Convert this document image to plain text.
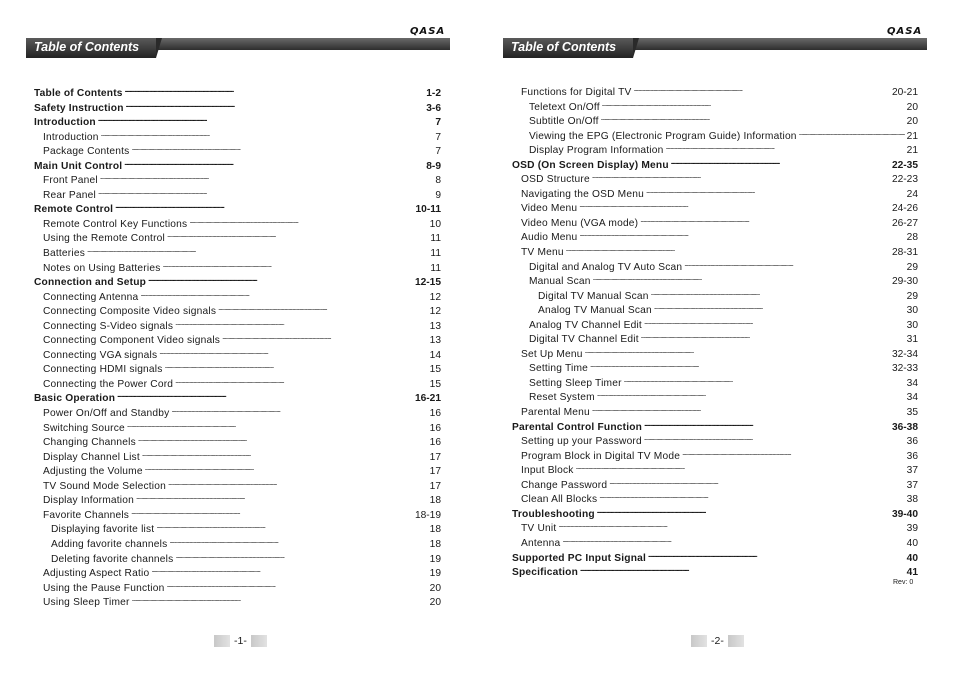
QASA
Table of Contents
Table of Contents . . .	1-2
Safety Instruction . . .	3-6
Introduction . . .	7
Introduction . . .	7
Package Contents . . .	7
Main Unit Control . . .	8-9
Front Panel . . .	8
Rear Panel . . .	9
Remote Control . . .	10-11
Remote Control Key Functions . . .	10
Using the Remote Control . . .	11
Batteries . . .	11
Notes on Using Batteries . . .	11
Connection and Setup . . .	12-15
Connecting Antenna . . .	12
Connecting Composite Video signals . . .	12
Connecting S-Video signals . . .	13
Connecting Component Video signals . . .	13
Connecting VGA signals . . .	14
Connecting HDMI signals . . .	15
Connecting the Power Cord . . .	15
Basic Operation . . .	16-21
Power On/Off and Standby . . .	16
Switching Source . . .	16
Changing Channels . . .	16
Display Channel List . . .	17
Adjusting the Volume . . .	17
TV Sound Mode Selection . . .	17
Display Information . . .	18
Favorite Channels . . .	18-19
Displaying favorite list . . .	18
Adding favorite channels . . .	18
Deleting favorite channels . . .	19
Adjusting Aspect Ratio . . .	19
Using the Pause Function . . .	20
Using Sleep Timer . . .	20
-1-
QASA
Table of Contents
Functions for Digital TV . . .	20-21
Teletext On/Off . . .	20
Subtitle On/Off . . .	20
Viewing the EPG (Electronic Program Guide) Information . . .	21
Display Program Information . . .	21
OSD (On Screen Display) Menu . . .	22-35
OSD Structure . . .	22-23
Navigating the OSD Menu . . .	24
Video Menu . . .	24-26
Video Menu (VGA mode) . . .	26-27
Audio Menu . . .	28
TV Menu . . .	28-31
Digital and Analog TV Auto Scan . . .	29
Manual Scan . . .	29-30
Digital TV Manual Scan . . .	29
Analog TV Manual Scan . . .	30
Analog TV Channel Edit . . .	30
Digital TV Channel Edit . . .	31
Set Up Menu . . .	32-34
Setting Time . . .	32-33
Setting Sleep Timer . . .	34
Reset System . . .	34
Parental Menu . . .	35
Parental Control Function . . .	36-38
Setting up your Password . . .	36
Program Block in Digital TV Mode . . .	36
Input Block . . .	37
Change Password . . .	37
Clean All Blocks . . .	38
Troubleshooting . . .	39-40
TV Unit . . .	39
Antenna . . .	40
Supported PC Input Signal . . .	40
Specification . . .	41
Rev: 0
-2-
